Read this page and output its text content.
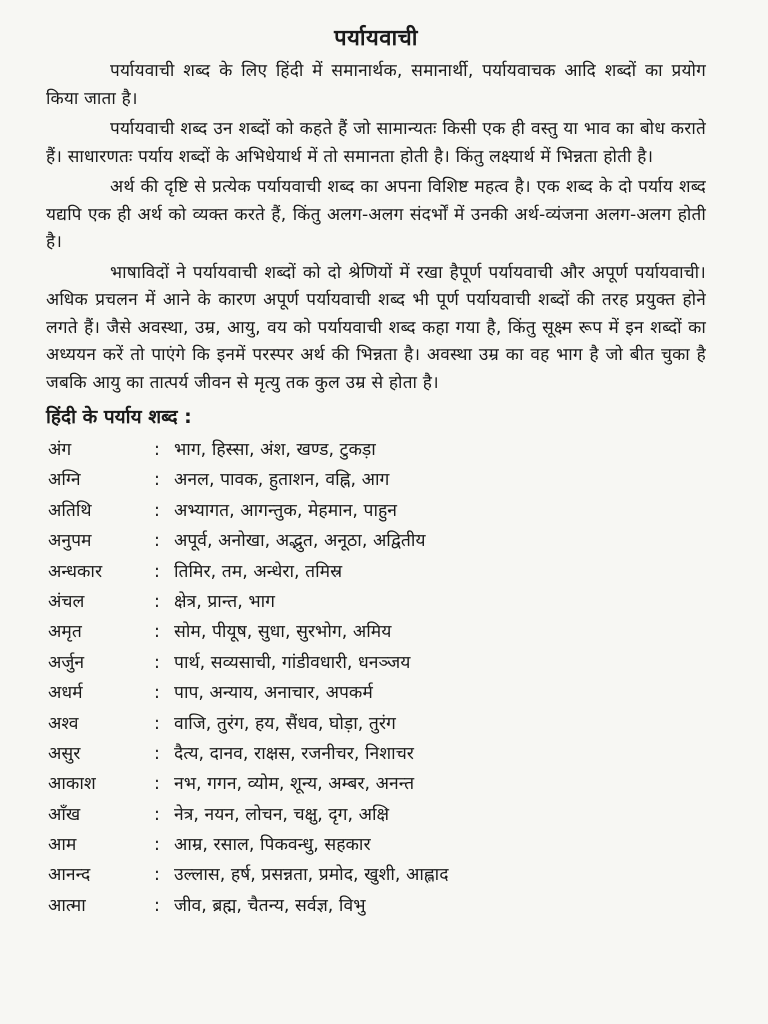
पर्यायवाची

पर्यायवाची शब्द के लिए हिंदी में समानार्थक, समानार्थी, पर्यायवाचक आदि शब्दों का प्रयोग किया जाता है।

पर्यायवाची शब्द उन शब्दों को कहते हैं जो सामान्यतः किसी एक ही वस्तु या भाव का बोध कराते हैं। साधारणतः पर्याय शब्दों के अभिधेयार्थ में तो समानता होती है। किंतु लक्ष्यार्थ में भिन्नता होती है।

अर्थ की दृष्टि से प्रत्येक पर्यायवाची शब्द का अपना विशिष्ट महत्व है। एक शब्द के दो पर्याय शब्द यद्यपि एक ही अर्थ को व्यक्त करते हैं, किंतु अलग-अलग संदर्भों में उनकी अर्थ-व्यंजना अलग-अलग होती है।

भाषाविदों ने पर्यायवाची शब्दों को दो श्रेणियों में रखा हैपूर्ण पर्यायवाची और अपूर्ण पर्यायवाची। अधिक प्रचलन में आने के कारण अपूर्ण पर्यायवाची शब्द भी पूर्ण पर्यायवाची शब्दों की तरह प्रयुक्त होने लगते हैं। जैसे अवस्था, उम्र, आयु, वय को पर्यायवाची शब्द कहा गया है, किंतु सूक्ष्म रूप में इन शब्दों का अध्ययन करें तो पाएंगे कि इनमें परस्पर अर्थ की भिन्नता है। अवस्था उम्र का वह भाग है जो बीत चुका है जबकि आयु का तात्पर्य जीवन से मृत्यु तक कुल उम्र से होता है।

हिंदी के पर्याय शब्द :
अंग	: भाग, हिस्सा, अंश, खण्ड, टुकड़ा
अग्नि	: अनल, पावक, हुताशन, वह्नि, आग
अतिथि	: अभ्यागत, आगन्तुक, मेहमान, पाहुन
अनुपम	: अपूर्व, अनोखा, अद्भुत, अनूठा, अद्वितीय
अन्धकार	: तिमिर, तम, अन्धेरा, तमिस्र
अंचल	: क्षेत्र, प्रान्त, भाग
अमृत	: सोम, पीयूष, सुधा, सुरभोग, अमिय
अर्जुन	: पार्थ, सव्यसाची, गांडीवधारी, धनञ्जय
अधर्म	: पाप, अन्याय, अनाचार, अपकर्म
अश्व	: वाजि, तुरंग, हय, सैंधव, घोड़ा, तुरंग
असुर	: दैत्य, दानव, राक्षस, रजनीचर, निशाचर
आकाश	: नभ, गगन, व्योम, शून्य, अम्बर, अनन्त
आँख	: नेत्र, नयन, लोचन, चक्षु, दृग, अक्षि
आम	: आम्र, रसाल, पिकवन्धु, सहकार
आनन्द	: उल्लास, हर्ष, प्रसन्नता, प्रमोद, खुशी, आह्लाद
आत्मा	: जीव, ब्रह्म, चैतन्य, सर्वज्ञ, विभु
